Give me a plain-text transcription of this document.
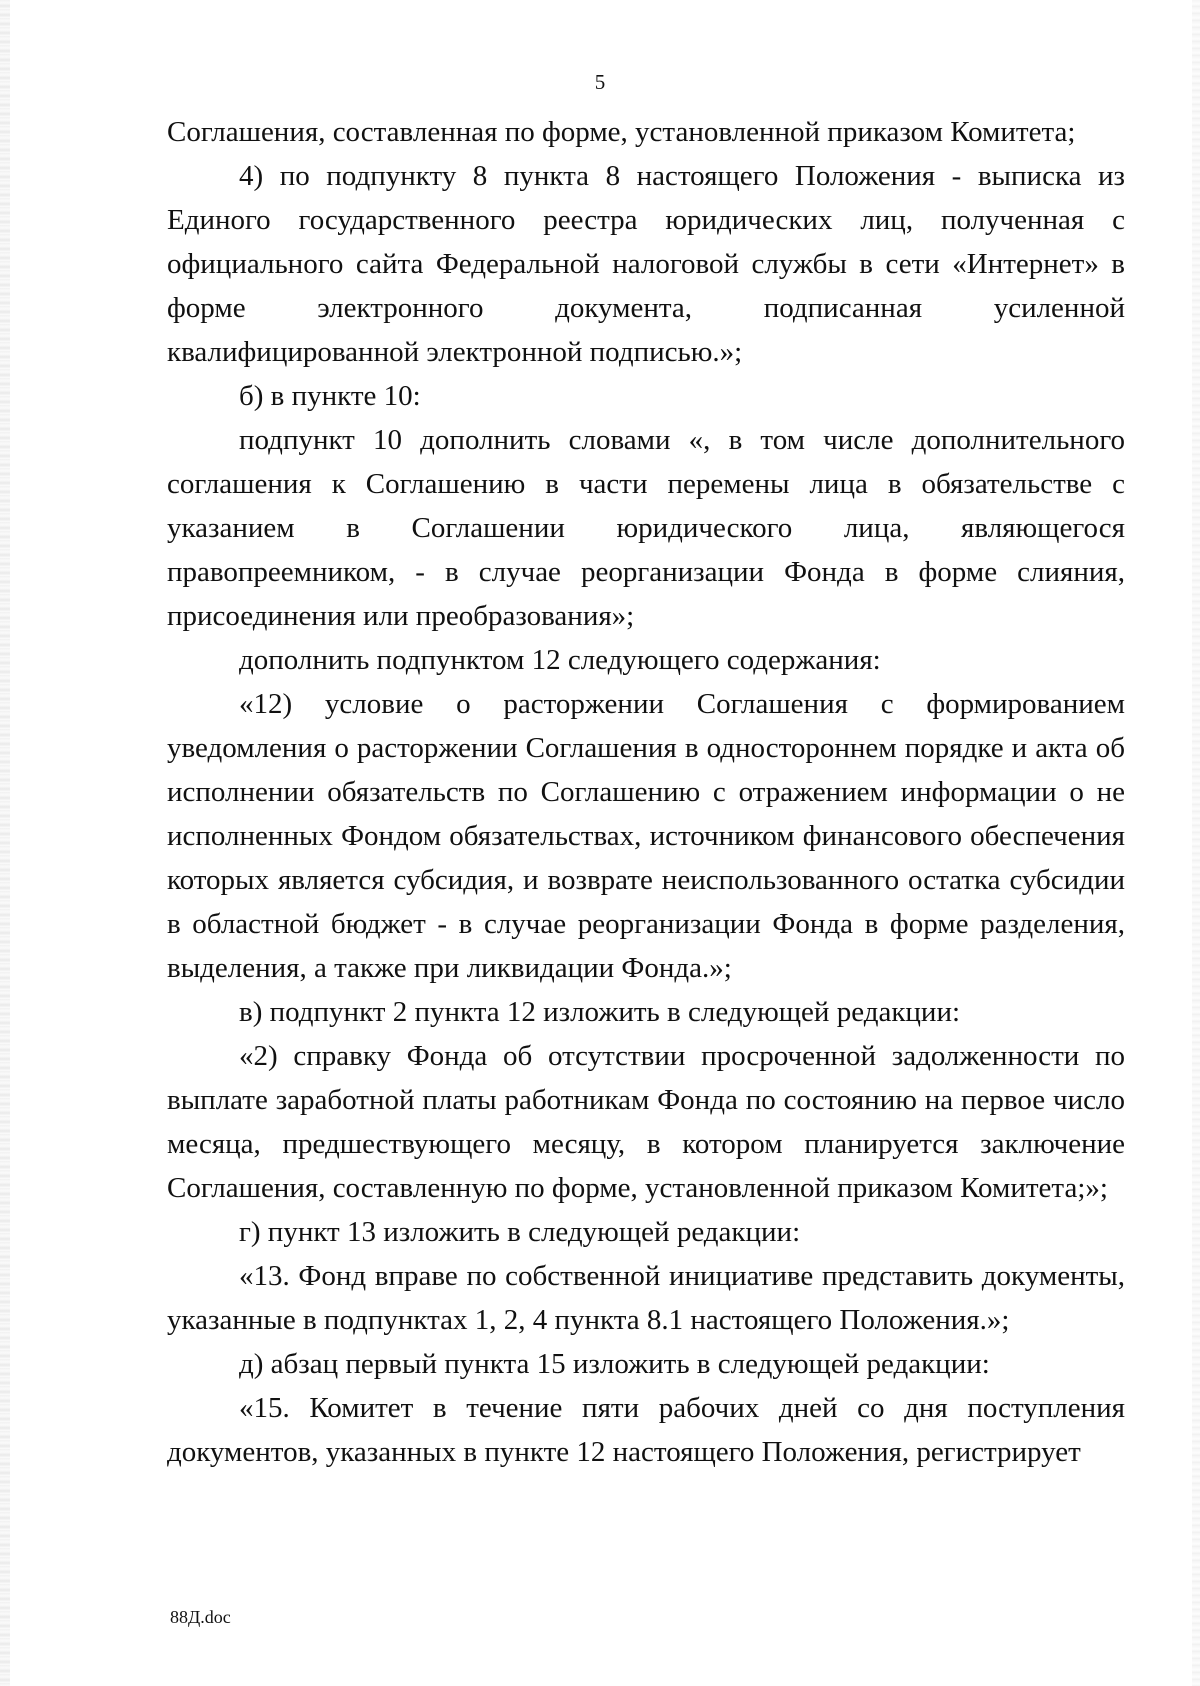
5

Соглашения, составленная по форме, установленной приказом Комитета;

4) по подпункту 8 пункта 8 настоящего Положения - выписка из Единого государственного реестра юридических лиц, полученная с официального сайта Федеральной налоговой службы в сети «Интернет» в форме электронного документа, подписанная усиленной квалифицированной электронной подписью.»;

б) в пункте 10:

подпункт 10 дополнить словами «, в том числе дополнительного соглашения к Соглашению в части перемены лица в обязательстве с указанием в Соглашении юридического лица, являющегося правопреемником, - в случае реорганизации Фонда в форме слияния, присоединения или преобразования»;

дополнить подпунктом 12 следующего содержания:

«12) условие о расторжении Соглашения с формированием уведомления о расторжении Соглашения в одностороннем порядке и акта об исполнении обязательств по Соглашению с отражением информации о не исполненных Фондом обязательствах, источником финансового обеспечения которых является субсидия, и возврате неиспользованного остатка субсидии в областной бюджет - в случае реорганизации Фонда в форме разделения, выделения, а также при ликвидации Фонда.»;

в) подпункт 2 пункта 12 изложить в следующей редакции:

«2) справку Фонда об отсутствии просроченной задолженности по выплате заработной платы работникам Фонда по состоянию на первое число месяца, предшествующего месяцу, в котором планируется заключение Соглашения, составленную по форме, установленной приказом Комитета;»;

г) пункт 13 изложить в следующей редакции:

«13. Фонд вправе по собственной инициативе представить документы, указанные в подпунктах 1, 2, 4 пункта 8.1 настоящего Положения.»;

д) абзац первый пункта 15 изложить в следующей редакции:

«15. Комитет в течение пяти рабочих дней со дня поступления документов, указанных в пункте 12 настоящего Положения, регистрирует

88Д.doc
